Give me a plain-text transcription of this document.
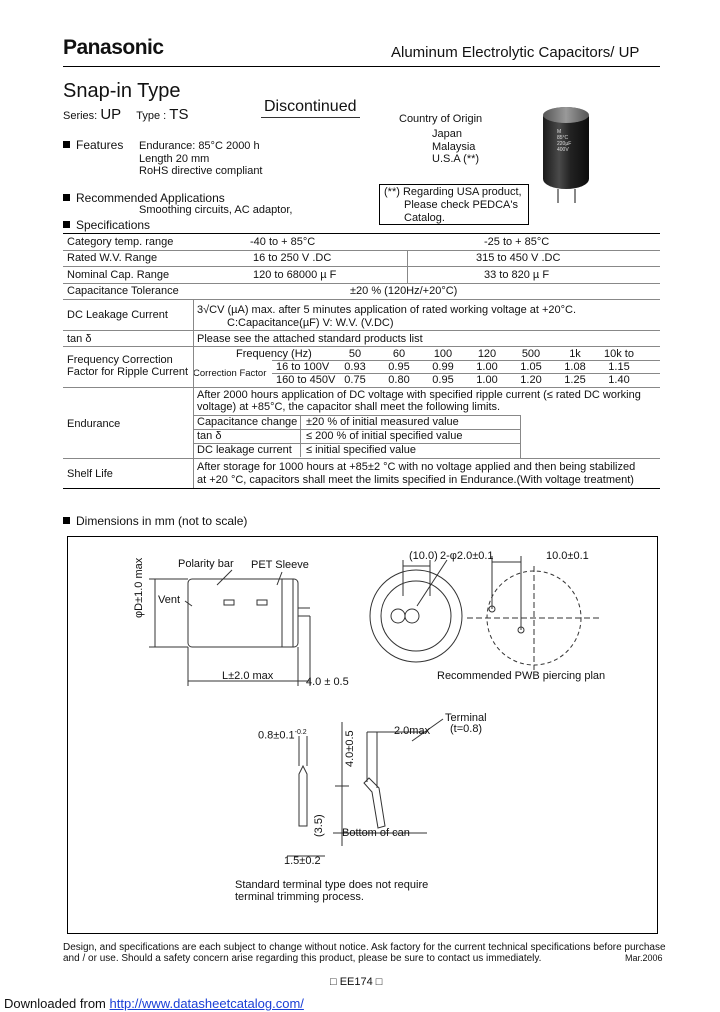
Panasonic	Aluminum Electrolytic Capacitors/ UP
Snap-in Type
Series: UP Type : TS	Discontinued
Features Endurance: 85°C 2000 h
Length 20 mm
RoHS directive compliant
Country of Origin
Japan
Malaysia
U.S.A (**)
M
85°C
220µF
400V
(**) Regarding USA product,
Please check PEDCA's
Catalog.
Recommended Applications
Smoothing circuits, AC adaptor,
Specifications
Category temp. range	-40 to + 85°C	-25 to + 85°C
Rated W.V. Range	16 to 250 V .DC	315 to 450 V .DC
Nominal Cap. Range	120 to 68000 µ F	33 to 820 µ F
Capacitance Tolerance	±20 % (120Hz/+20°C)
DC Leakage Current	3√CV (µA) max. after 5 minutes application of rated working voltage at +20°C.
C:Capacitance(µF) V: W.V. (V.DC)
tan δ	Please see the attached standard products list
Frequency Correction
Factor for Ripple Current
Frequency (Hz)
Correction Factor
50	60	100	120	500	1k	10k to
16 to 100V	0.93	0.95	0.99	1.00	1.05	1.08	1.15
160 to 450V 0.75	0.80	0.95	1.00	1.20	1.25	1.40
Endurance
After 2000 hours application of DC voltage with specified ripple current (≤ rated DC working
voltage) at +85°C, the capacitor shall meet the following limits.
Capacitance change ±20 % of initial measured value
tan δ	≤ 200 % of initial specified value
DC leakage current ≤ initial specified value
Shelf Life
After storage for 1000 hours at +85±2 °C with no voltage applied and then being stabilized
at +20 °C, capacitors shall meet the limits specified in Endurance.(With voltage treatment)
Dimensions in mm (not to scale)
Polarity bar PET Sleeve
Vent
φD±1.0 max
L±2.0 max	4.0 ± 0.5
(10.0) 2-φ2.0±0.1	10.0±0.1
Recommended PWB piercing plan
Terminal
(t=0.8)
$0.8\pm 0.1^{-0.2}$	2.0max
4.0±0.5
(3.5)
1.5±0.2
Bottom of can
Standard terminal type does not require
terminal trimming process.
Design, and specifications are each subject to change without notice. Ask factory for the current technical specifications before purchase
and / or use. Should a safety concern arise regarding this product, please be sure to contact us immediately.	Mar.2006
□ EE174 □
Downloaded from http://www.datasheetcatalog.com/
